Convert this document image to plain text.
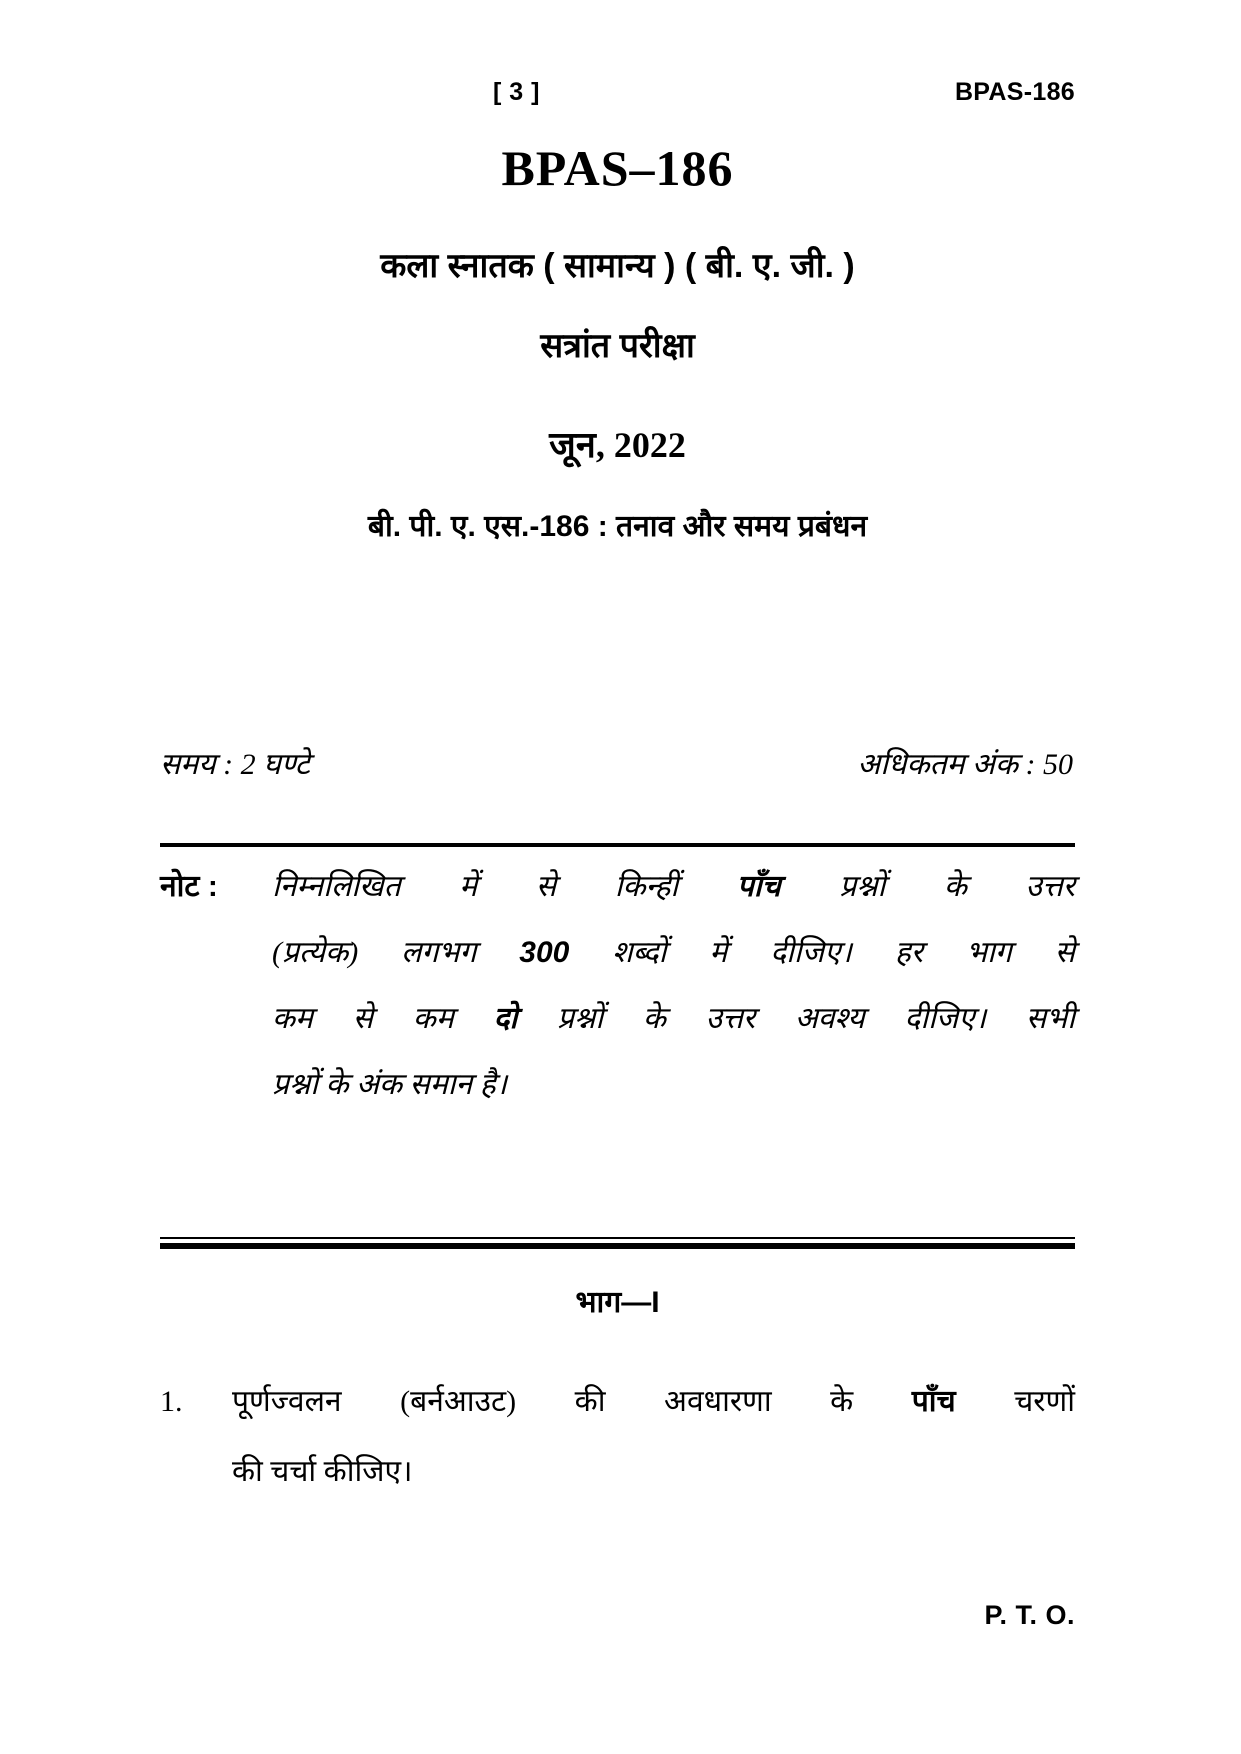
[ 3 ]	BPAS-186
BPAS–186
कला स्नातक ( सामान्य ) ( बी. ए. जी. )
सत्रांत परीक्षा
जून, 2022
बी. पी. ए. एस.-186 : तनाव और समय प्रबंधन
समय : 2 घण्टे	अधिकतम अंक : 50
नोट :	निम्नलिखित में से किन्हीं पाँच प्रश्नों के उत्तर
(प्रत्येक) लगभग 300 शब्दों में दीजिए। हर भाग से
कम से कम दो प्रश्नों के उत्तर अवश्य दीजिए। सभी
प्रश्नों के अंक समान है।
भाग—I
1.	पूर्णज्वलन (बर्नआउट) की अवधारणा के पाँच चरणों
की चर्चा कीजिए।
P. T. O.
